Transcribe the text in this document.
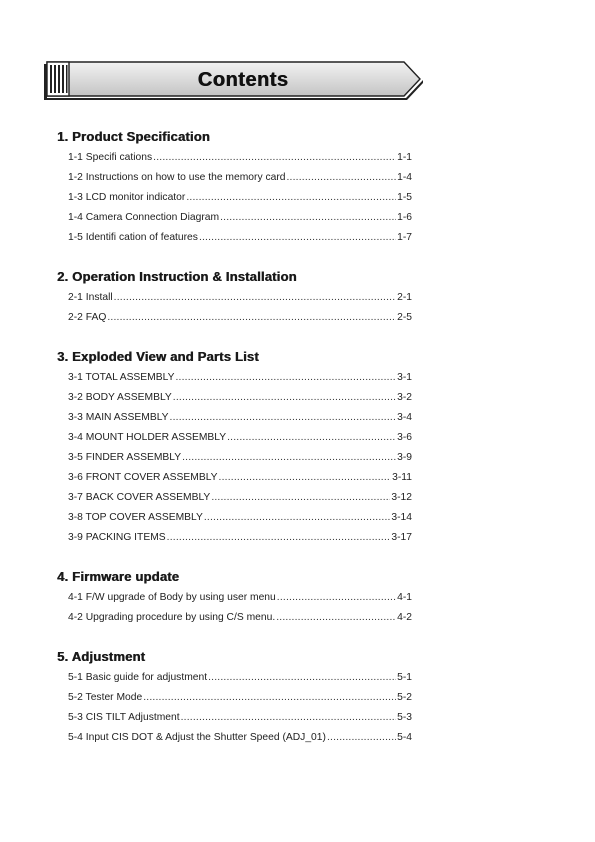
Contents
1. Product Specification
1-1 Specifi cations .....	1-1
1-2 Instructions on how to use the memory card .....	1-4
1-3 LCD monitor indicator .....	1-5
1-4 Camera Connection Diagram .....	1-6
1-5 Identifi cation of features .....	1-7
2. Operation Instruction & Installation
2-1 Install .....	2-1
2-2 FAQ .....	2-5
3. Exploded View and Parts List
3-1 TOTAL ASSEMBLY .....	3-1
3-2 BODY ASSEMBLY .....	3-2
3-3 MAIN ASSEMBLY .....	3-4
3-4 MOUNT HOLDER ASSEMBLY .....	3-6
3-5 FINDER ASSEMBLY .....	3-9
3-6 FRONT COVER ASSEMBLY .....	3-11
3-7 BACK COVER ASSEMBLY .....	3-12
3-8 TOP COVER ASSEMBLY .....	3-14
3-9 PACKING ITEMS .....	3-17
4. Firmware update
4-1 F/W upgrade of Body by using user menu .....	4-1
4-2 Upgrading procedure by using C/S menu. .....	4-2
5. Adjustment
5-1 Basic guide for adjustment .....	5-1
5-2 Tester Mode .....	5-2
5-3 CIS TILT Adjustment .....	5-3
5-4 Input CIS DOT & Adjust the Shutter Speed (ADJ_01) .....	5-4
